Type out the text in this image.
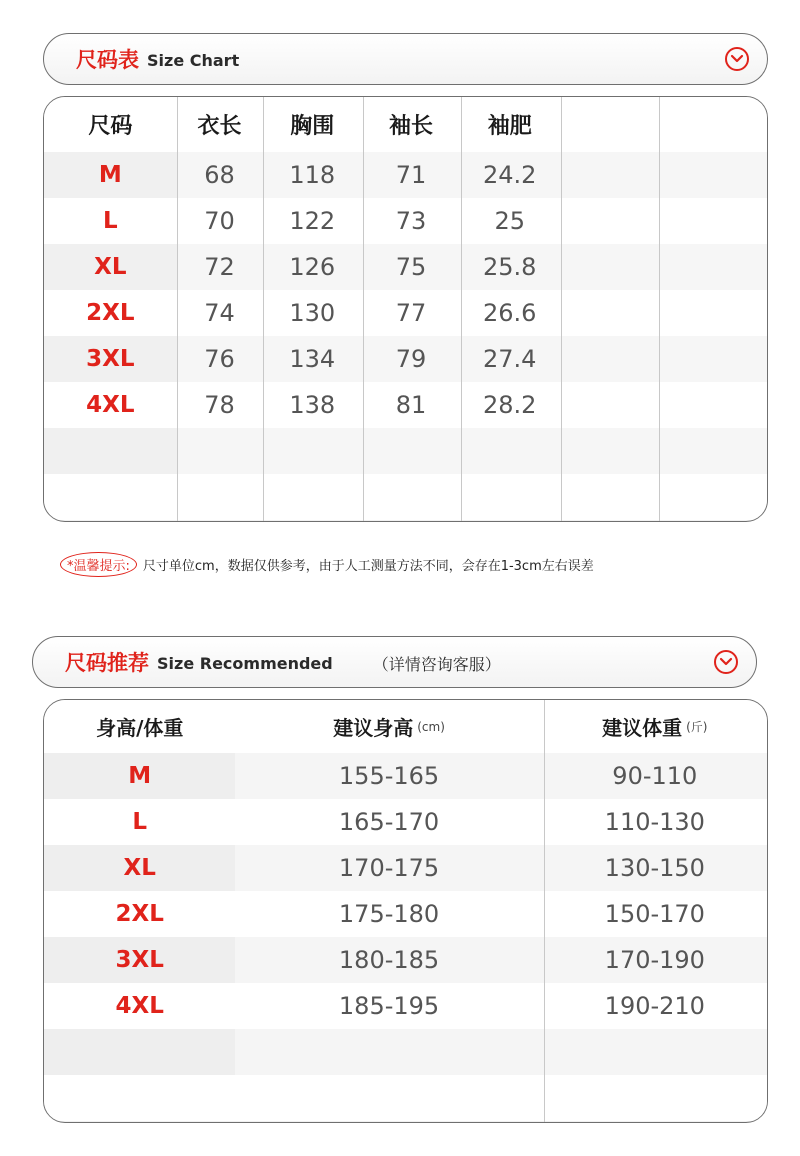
尺码表 Size Chart
尺码	衣长	胸围	袖长	袖肥
M	68	118	71	24.2
L	70	122	73	25
XL	72	126	75	25.8
2XL	74	130	77	26.6
3XL	76	134	79	27.4
4XL	78	138	81	28.2
*温馨提示:	尺寸单位cm，数据仅供参考，由于人工测量方法不同，会存在1-3cm左右误差
尺码推荐 Size Recommended	（详情咨询客服）
身高/体重	建议身高 (cm)	建议体重 (斤)
M	155-165	90-110
L	165-170	110-130
XL	170-175	130-150
2XL	175-180	150-170
3XL	180-185	170-190
4XL	185-195	190-210
